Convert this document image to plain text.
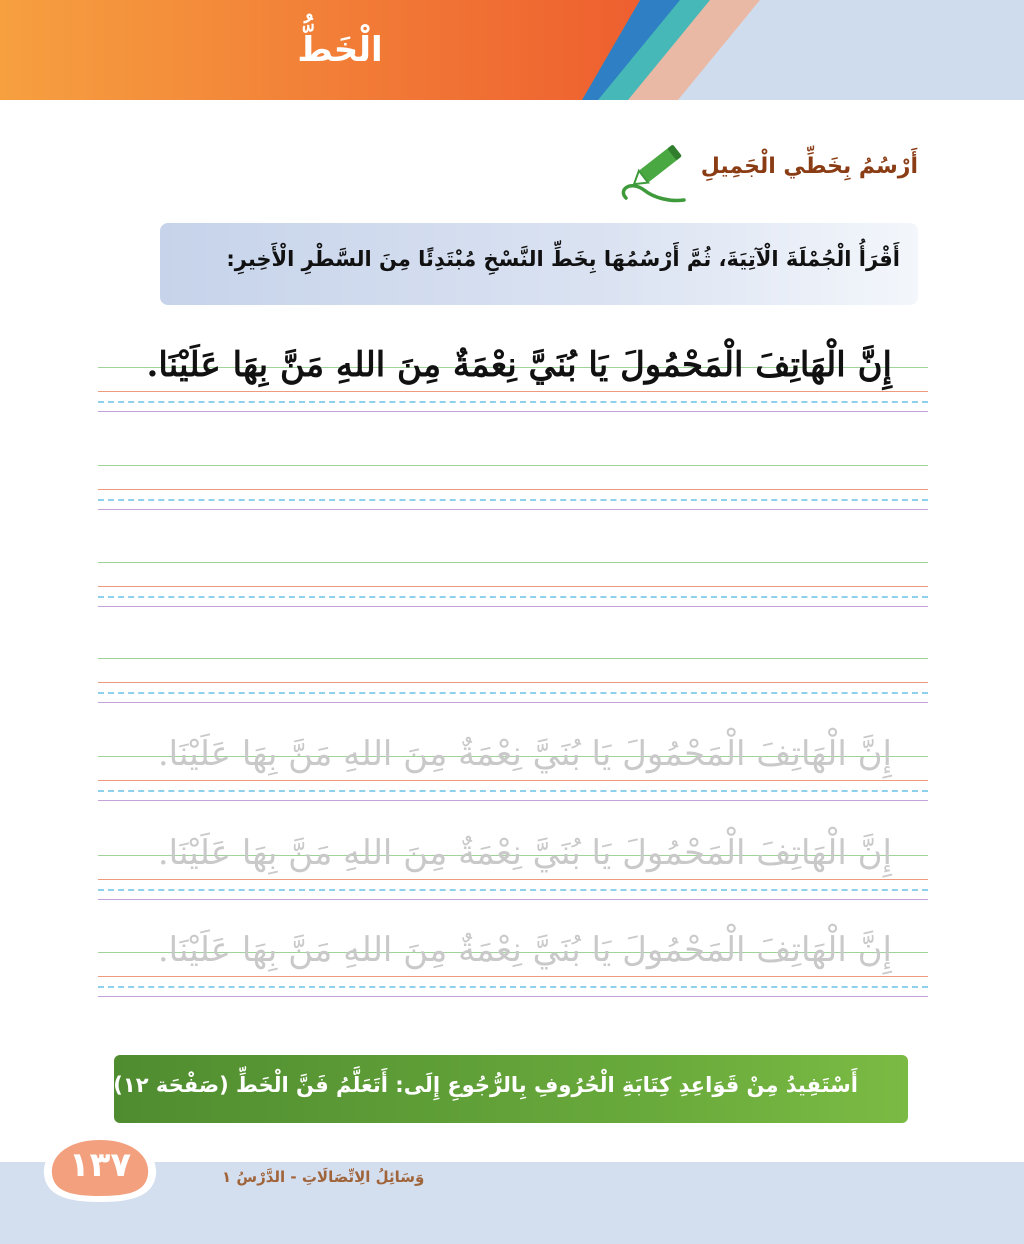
الْخَطُّ
أَرْسُمُ بِخَطِّي الْجَمِيلِ
أَقْرَأُ الْجُمْلَةَ الْآتِيَةَ، ثُمَّ أَرْسُمُهَا بِخَطِّ النَّسْخِ مُبْتَدِئًا مِنَ السَّطْرِ الْأَخِيرِ:
إِنَّ الْهَاتِفَ الْمَحْمُولَ يَا بُنَيَّ نِعْمَةٌ مِنَ اللهِ مَنَّ بِهَا عَلَيْنَا.
إِنَّ الْهَاتِفَ الْمَحْمُولَ يَا بُنَيَّ نِعْمَةٌ مِنَ اللهِ مَنَّ بِهَا عَلَيْنَا.
إِنَّ الْهَاتِفَ الْمَحْمُولَ يَا بُنَيَّ نِعْمَةٌ مِنَ اللهِ مَنَّ بِهَا عَلَيْنَا.
إِنَّ الْهَاتِفَ الْمَحْمُولَ يَا بُنَيَّ نِعْمَةٌ مِنَ اللهِ مَنَّ بِهَا عَلَيْنَا.
أَسْتَفِيدُ مِنْ قَوَاعِدِ كِتَابَةِ الْحُرُوفِ بِالرُّجُوعِ إِلَى: أَتَعَلَّمُ فَنَّ الْخَطِّ (صَفْحَة ١٢)
١٣٧	وَسَائِلُ الِاتِّصَالَاتِ - الدَّرْسُ ١
